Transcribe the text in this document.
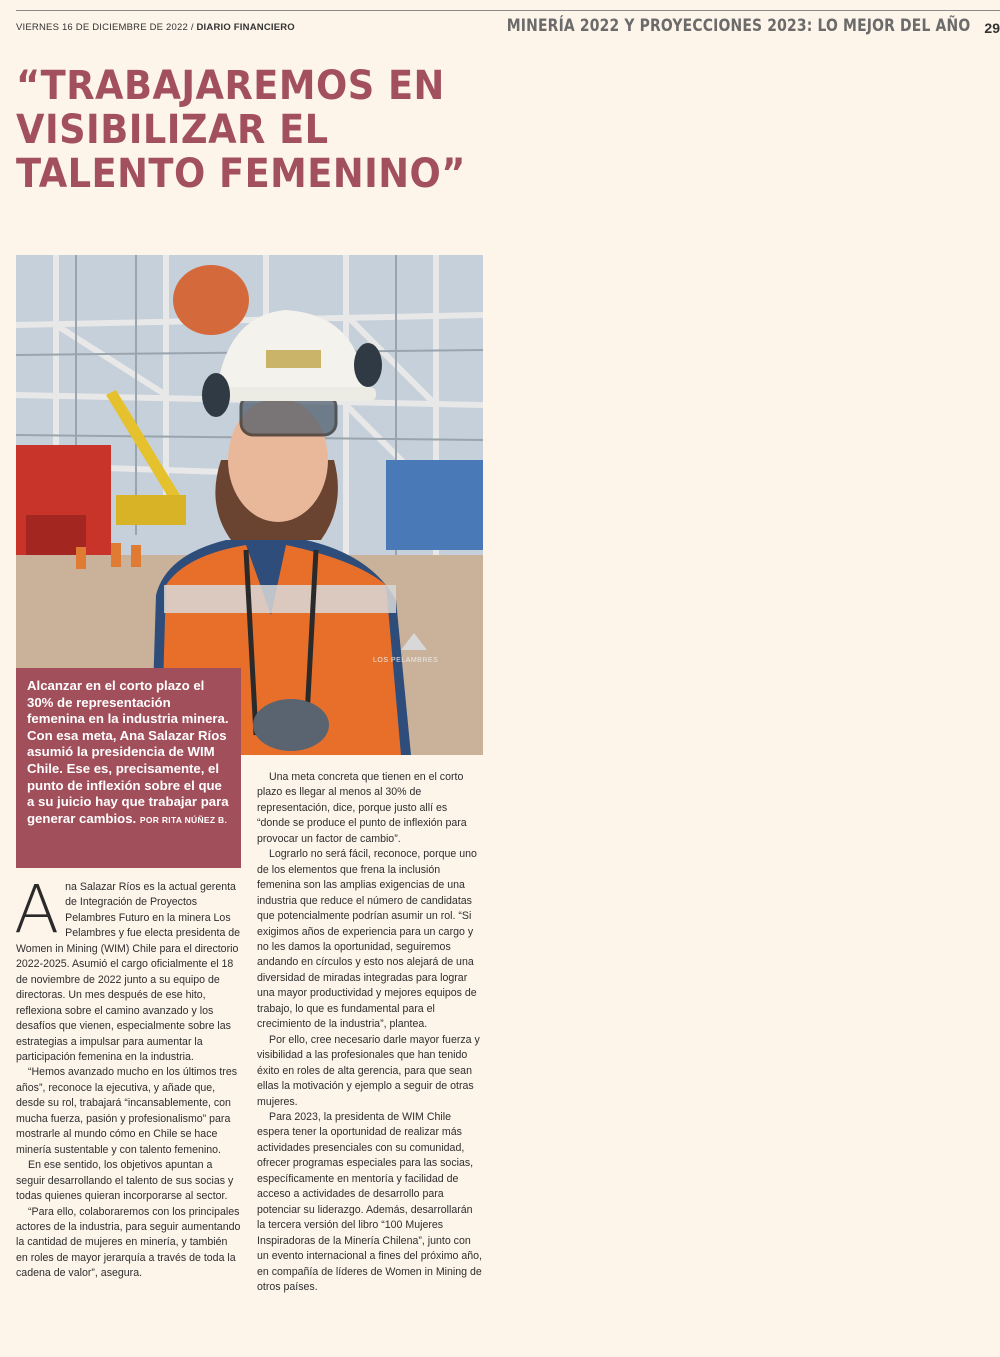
VIERNES 16 DE DICIEMBRE DE 2022 / DIARIO FINANCIERO	MINERÍA 2022 Y PROYECCIONES 2023: LO MEJOR DEL AÑO 29
“TRABAJAREMOS EN VISIBILIZAR EL TALENTO FEMENINO”
LOS PELAMBRES
Alcanzar en el corto plazo el 30% de representación femenina en la industria minera. Con esa meta, Ana Salazar Ríos asumió la presidencia de WIM Chile. Ese es, precisamente, el punto de inflexión sobre el que a su juicio hay que trabajar para generar cambios. POR RITA NÚÑEZ B.
A na Salazar Ríos es la actual gerenta de Integración de Proyectos Pelambres Futuro en la minera Los Pelambres y fue electa presidenta de Women in Mining (WIM) Chile para el directorio 2022-2025. Asumió el cargo oficialmente el 18 de noviembre de 2022 junto a su equipo de directoras. Un mes después de ese hito, reflexiona sobre el camino avanzado y los desafíos que vienen, especialmente sobre las estrategias a impulsar para aumentar la participación femenina en la industria.

“Hemos avanzado mucho en los últimos tres años”, reconoce la ejecutiva, y añade que, desde su rol, trabajará “incansablemente, con mucha fuerza, pasión y profesionalismo” para mostrarle al mundo cómo en Chile se hace minería sustentable y con talento femenino.

En ese sentido, los objetivos apuntan a seguir desarrollando el talento de sus socias y todas quienes quieran incorporarse al sector.

“Para ello, colaboraremos con los principales actores de la industria, para seguir aumentando la cantidad de mujeres en minería, y también en roles de mayor jerarquía a través de toda la cadena de valor”, asegura.

Una meta concreta que tienen en el corto plazo es llegar al menos al 30% de representación, dice, porque justo allí es “donde se produce el punto de inflexión para provocar un factor de cambio”.

Lograrlo no será fácil, reconoce, porque uno de los elementos que frena la inclusión femenina son las amplias exigencias de una industria que reduce el número de candidatas que potencialmente podrían asumir un rol. “Si exigimos años de experiencia para un cargo y no les damos la oportunidad, seguiremos andando en círculos y esto nos alejará de una diversidad de miradas integradas para lograr una mayor productividad y mejores equipos de trabajo, lo que es fundamental para el crecimiento de la industria”, plantea.

Por ello, cree necesario darle mayor fuerza y visibilidad a las profesionales que han tenido éxito en roles de alta gerencia, para que sean ellas la motivación y ejemplo a seguir de otras mujeres.

Para 2023, la presidenta de WIM Chile espera tener la oportunidad de realizar más actividades presenciales con su comunidad, ofrecer programas especiales para las socias, específicamente en mentoría y facilidad de acceso a actividades de desarrollo para potenciar su liderazgo. Además, desarrollarán la tercera versión del libro “100 Mujeres Inspiradoras de la Minería Chilena”, junto con un evento internacional a fines del próximo año, en compañía de líderes de Women in Mining de otros países.
